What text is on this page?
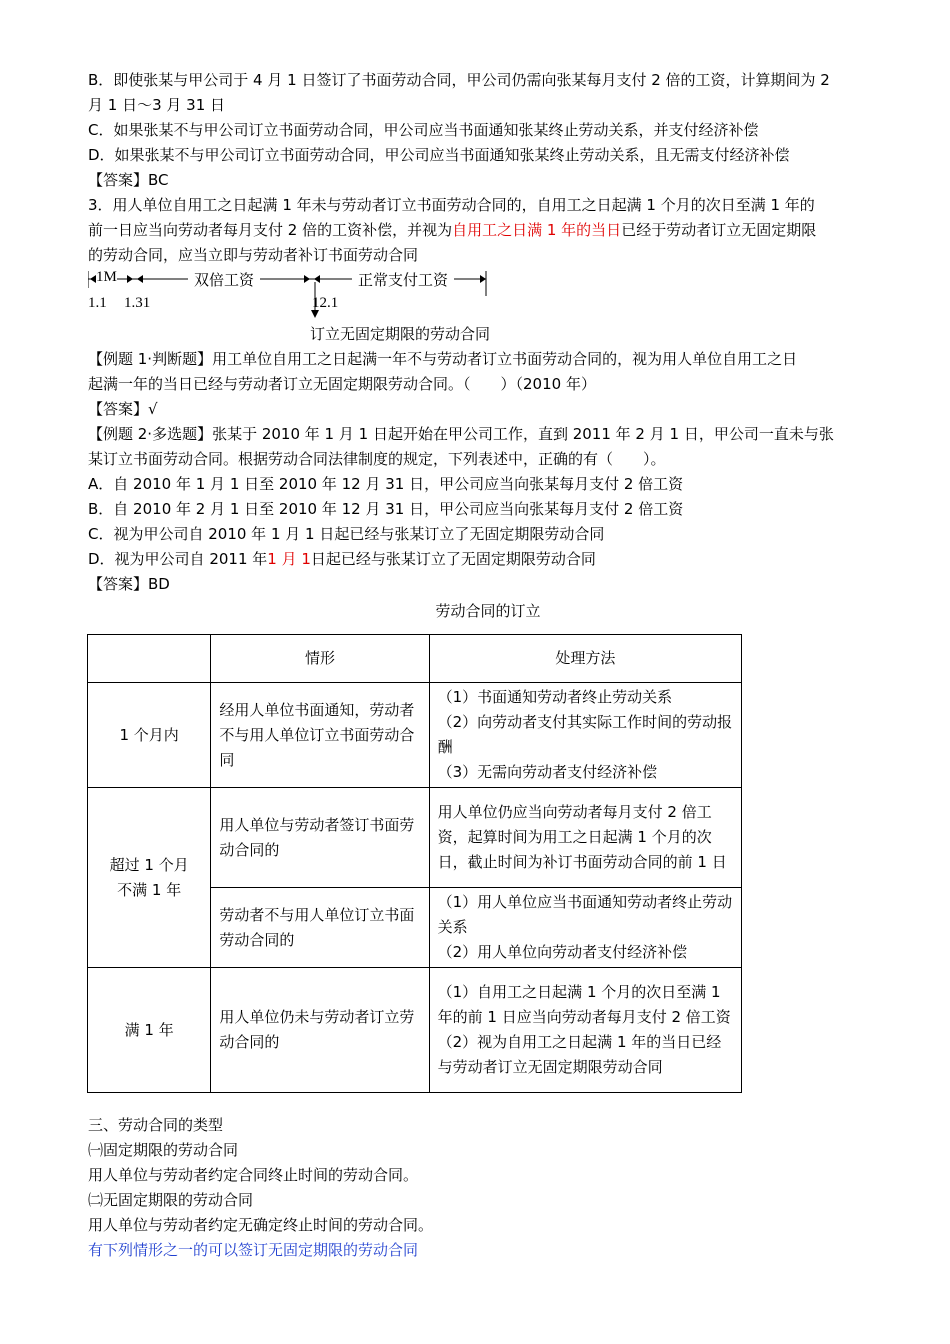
B．即使张某与甲公司于 4 月 1 日签订了书面劳动合同，甲公司仍需向张某每月支付 2 倍的工资，计算期间为 2

月 1 日～3 月 31 日

C．如果张某不与甲公司订立书面劳动合同，甲公司应当书面通知张某终止劳动关系，并支付经济补偿

D．如果张某不与甲公司订立书面劳动合同，甲公司应当书面通知张某终止劳动关系，且无需支付经济补偿

【答案】BC

3．用人单位自用工之日起满 1 年未与劳动者订立书面劳动合同的，自用工之日起满 1 个月的次日至满 1 年的

前一日应当向劳动者每月支付 2 倍的工资补偿，并视为自用工之日满 1 年的当日已经于劳动者订立无固定期限

的劳动合同，应当立即与劳动者补订书面劳动合同

1M	双倍工资	正常支付工资
1.1 1.31	12.1

订立无固定期限的劳动合同

【例题 1·判断题】用工单位自用工之日起满一年不与劳动者订立书面劳动合同的，视为用人单位自用工之日

起满一年的当日已经与劳动者订立无固定期限劳动合同。（　　）（2010 年）

【答案】√

【例题 2·多选题】张某于 2010 年 1 月 1 日起开始在甲公司工作，直到 2011 年 2 月 1 日，甲公司一直未与张

某订立书面劳动合同。根据劳动合同法律制度的规定，下列表述中，正确的有（　　）。

A．自 2010 年 1 月 1 日至 2010 年 12 月 31 日，甲公司应当向张某每月支付 2 倍工资

B．自 2010 年 2 月 1 日至 2010 年 12 月 31 日，甲公司应当向张某每月支付 2 倍工资

C．视为甲公司自 2010 年 1 月 1 日起已经与张某订立了无固定期限劳动合同

D．视为甲公司自 2011 年1 月 1日起已经与张某订立了无固定期限劳动合同

【答案】BD

劳动合同的订立

	情形	处理方法
1 个月内	经用人单位书面通知，劳动者不与用人单位订立书面劳动合同	（1）书面通知劳动者终止劳动关系
（2）向劳动者支付其实际工作时间的劳动报酬
（3）无需向劳动者支付经济补偿

超过 1 个月
不满 1 年	用人单位与劳动者签订书面劳动合同的	用人单位仍应当向劳动者每月支付 2 倍工资，起算时间为用工之日起满 1 个月的次日，截止时间为补订书面劳动合同的前 1 日
	劳动者不与用人单位订立书面劳动合同的	（1）用人单位应当书面通知劳动者终止劳动关系
（2）用人单位向劳动者支付经济补偿

满 1 年	用人单位仍未与劳动者订立劳动合同的	（1）自用工之日起满 1 个月的次日至满 1 年的前 1 日应当向劳动者每月支付 2 倍工资
（2）视为自用工之日起满 1 年的当日已经与劳动者订立无固定期限劳动合同

三、劳动合同的类型

㈠固定期限的劳动合同

用人单位与劳动者约定合同终止时间的劳动合同。

㈡无固定期限的劳动合同

用人单位与劳动者约定无确定终止时间的劳动合同。

有下列情形之一的可以签订无固定期限的劳动合同
